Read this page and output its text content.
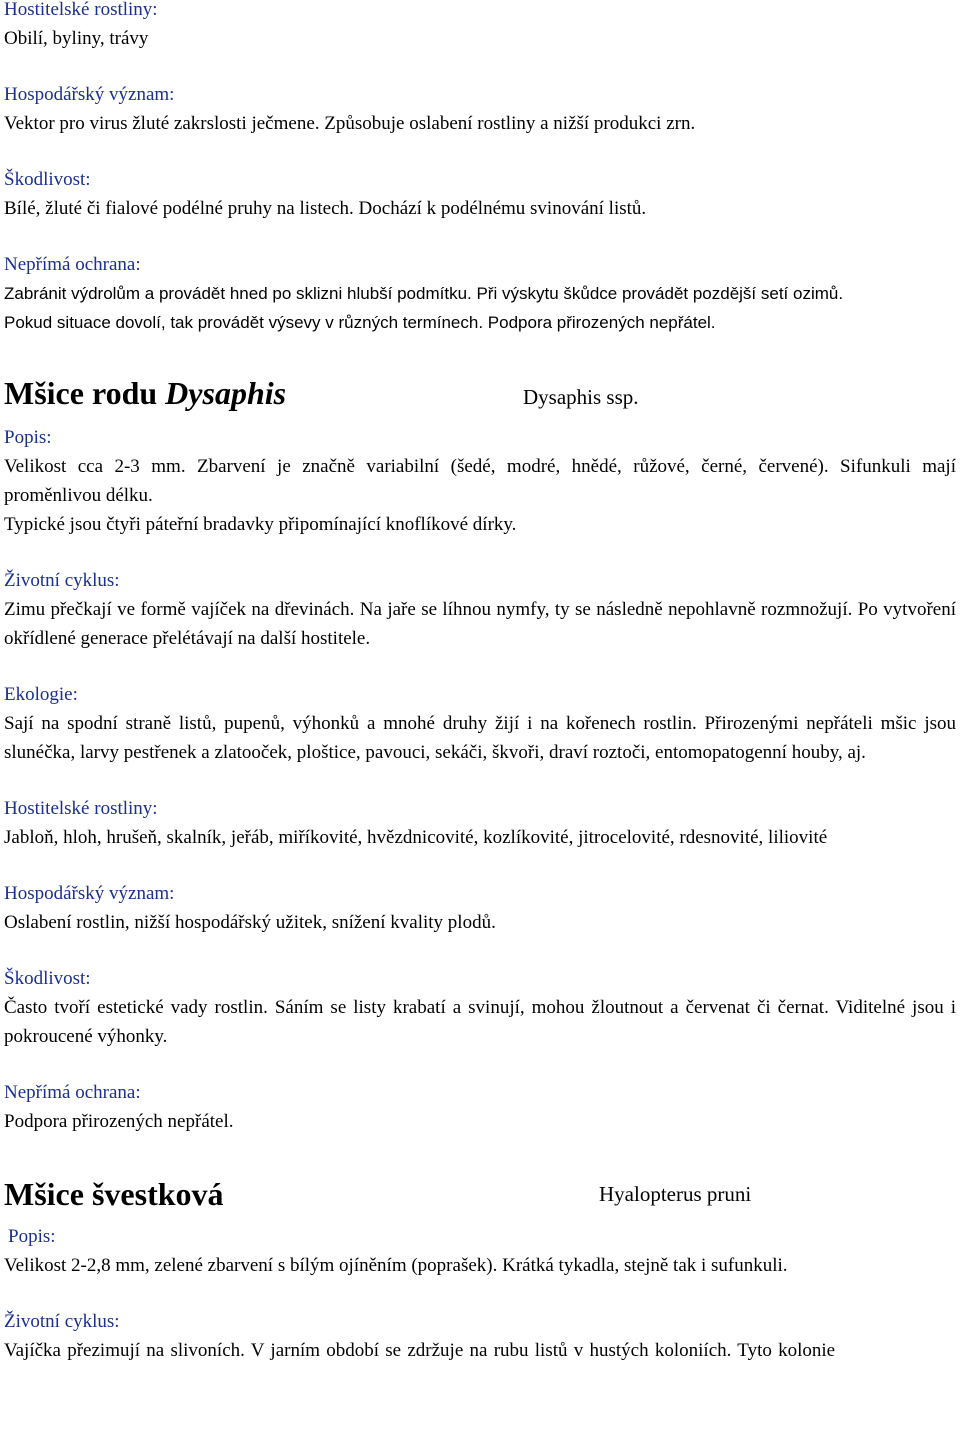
Hostitelské rostliny:

Obilí, byliny, trávy

Hospodářský význam:

Vektor pro virus žluté zakrslosti ječmene. Způsobuje oslabení rostliny a nižší produkci zrn.

Škodlivost:

Bílé, žluté či fialové podélné pruhy na listech. Dochází k podélnému svinování listů.

Nepřímá ochrana:

Zabránit výdrolům a provádět hned po sklizni hlubší podmítku. Při výskytu škůdce provádět pozdější setí ozimů.

Pokud situace dovolí, tak provádět výsevy v různých termínech. Podpora přirozených nepřátel.

Mšice rodu Dysaphis	Dysaphis ssp.

Popis:

Velikost cca 2-3 mm. Zbarvení je značně variabilní (šedé, modré, hnědé, růžové, černé, červené). Sifunkuli mají proměnlivou délku.

Typické jsou čtyři páteřní bradavky připomínající knoflíkové dírky.

Životní cyklus:

Zimu přečkají ve formě vajíček na dřevinách. Na jaře se líhnou nymfy, ty se následně nepohlavně rozmnožují. Po vytvoření okřídlené generace přelétávají na další hostitele.

Ekologie:

Sají na spodní straně listů, pupenů, výhonků a mnohé druhy žijí i na kořenech rostlin. Přirozenými nepřáteli mšic jsou slunéčka, larvy pestřenek a zlatooček, ploštice, pavouci, sekáči, škvoři, draví roztoči, entomopatogenní houby, aj.

Hostitelské rostliny:

Jabloň, hloh, hrušeň, skalník, jeřáb, miříkovité, hvězdnicovité, kozlíkovité, jitrocelovité, rdesnovité, liliovité

Hospodářský význam:

Oslabení rostlin, nižší hospodářský užitek, snížení kvality plodů.

Škodlivost:

Často tvoří estetické vady rostlin. Sáním se listy krabatí a svinují, mohou žloutnout a červenat či černat. Viditelné jsou i pokroucené výhonky.

Nepřímá ochrana:

Podpora přirozených nepřátel.

Mšice švestková	Hyalopterus pruni

Popis:

Velikost 2-2,8 mm, zelené zbarvení s bílým ojíněním (poprašek). Krátká tykadla, stejně tak i sufunkuli.

Životní cyklus:

Vajíčka přezimují na slivoních. V jarním období se zdržuje na rubu listů v hustých koloniích. Tyto kolonie
